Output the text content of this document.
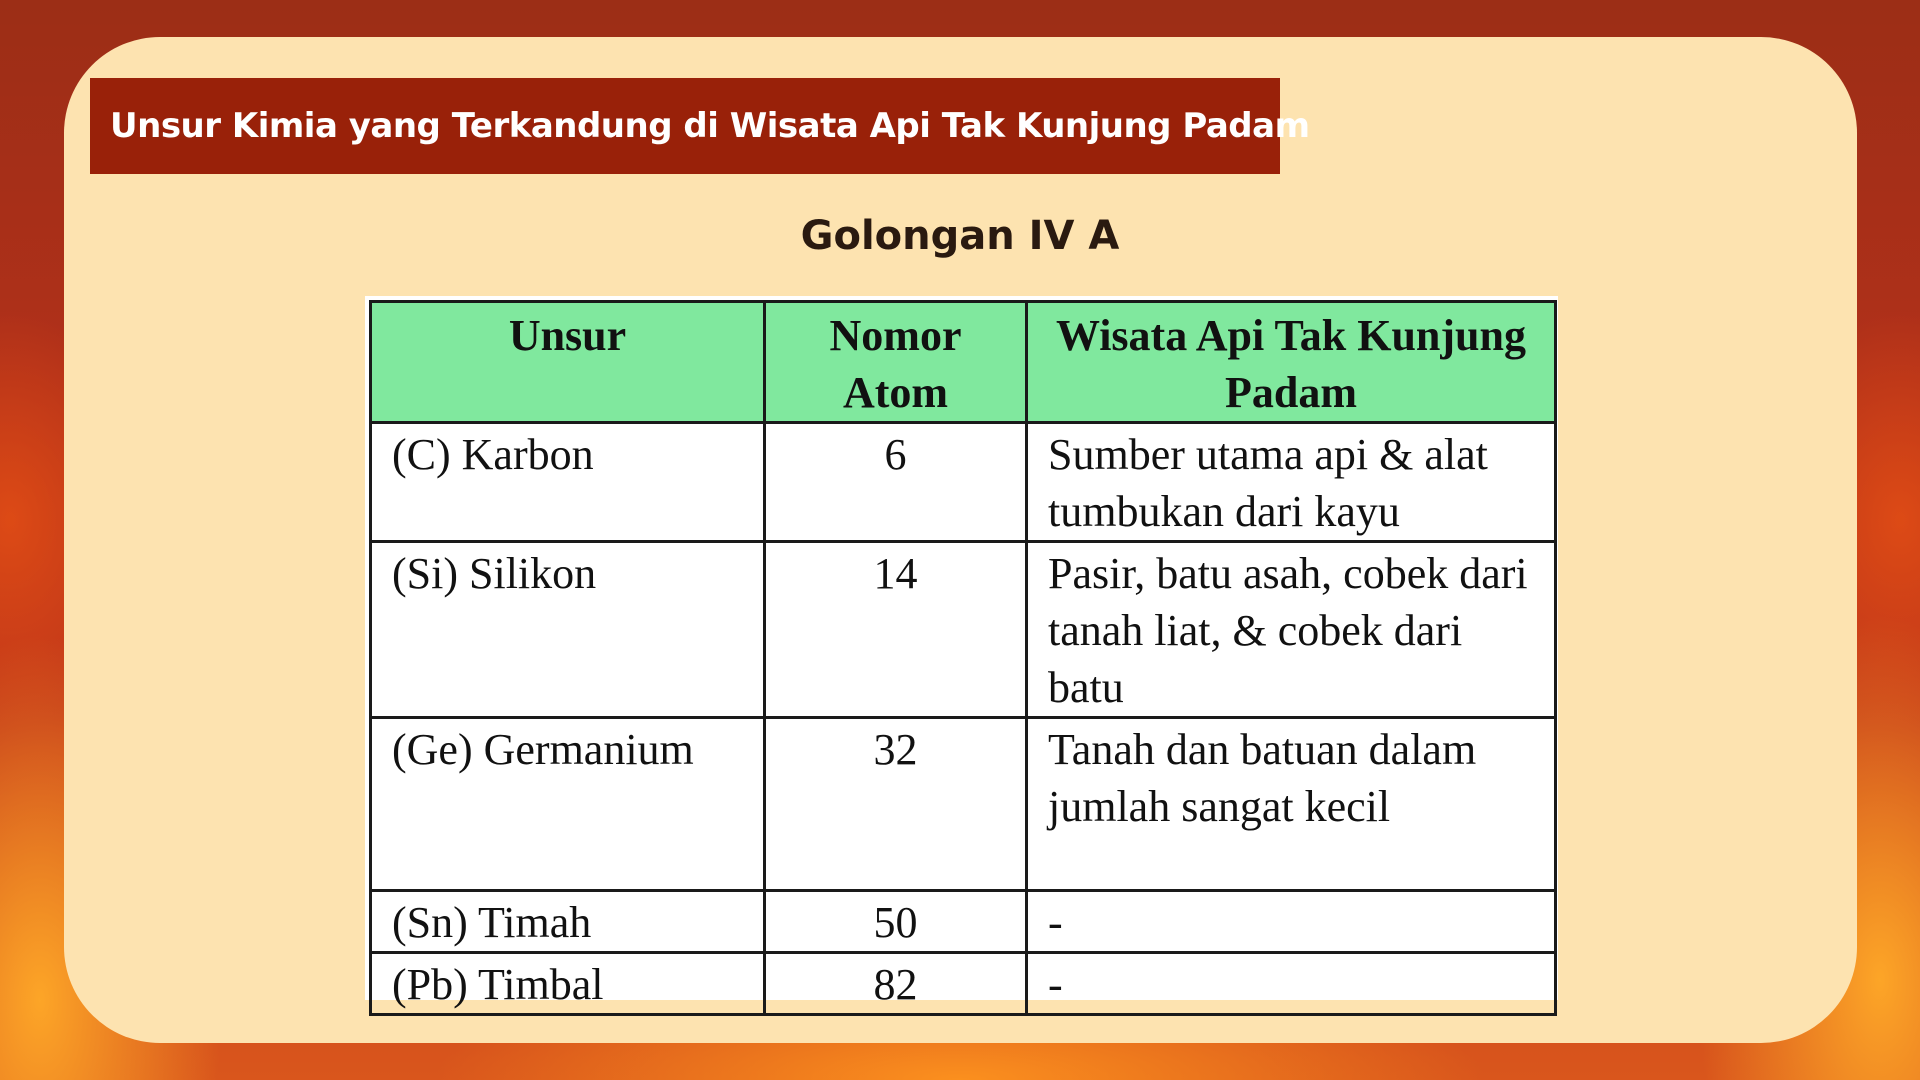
Unsur Kimia yang Terkandung di Wisata Api Tak Kunjung Padam
Golongan IV A
Unsur	Nomor Atom	Wisata Api Tak Kunjung Padam
(C) Karbon	6	Sumber utama api & alat tumbukan dari kayu
(Si) Silikon	14	Pasir, batu asah, cobek dari tanah liat, & cobek dari batu
(Ge) Germanium	32	Tanah dan batuan dalam jumlah sangat kecil
(Sn) Timah	50	-
(Pb) Timbal	82	-
